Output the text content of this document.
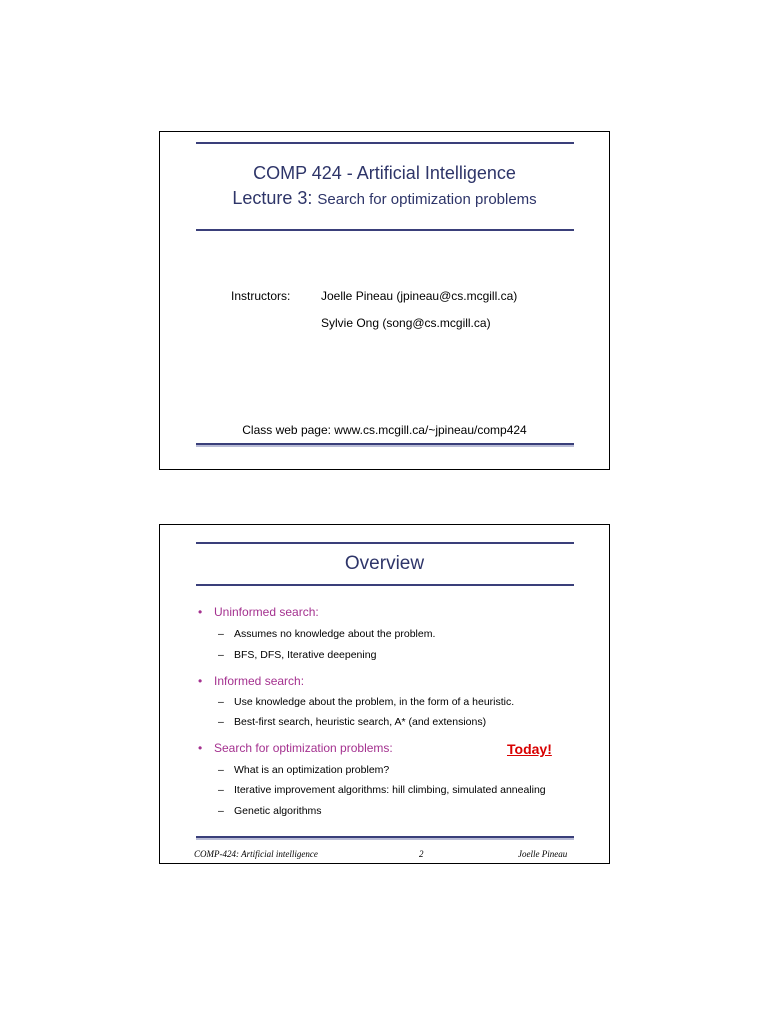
COMP 424 - Artificial Intelligence
Lecture 3: Search for optimization problems
Instructors:	Joelle Pineau (jpineau@cs.mcgill.ca)
Sylvie Ong (song@cs.mcgill.ca)
Class web page: www.cs.mcgill.ca/~jpineau/comp424
Overview
• Uninformed search:
– Assumes no knowledge about the problem.
– BFS, DFS, Iterative deepening
• Informed search:
– Use knowledge about the problem, in the form of a heuristic.
– Best-first search, heuristic search, A* (and extensions)
• Search for optimization problems:	Today!
– What is an optimization problem?
– Iterative improvement algorithms: hill climbing, simulated annealing
– Genetic algorithms
COMP-424: Artificial intelligence	2	Joelle Pineau
